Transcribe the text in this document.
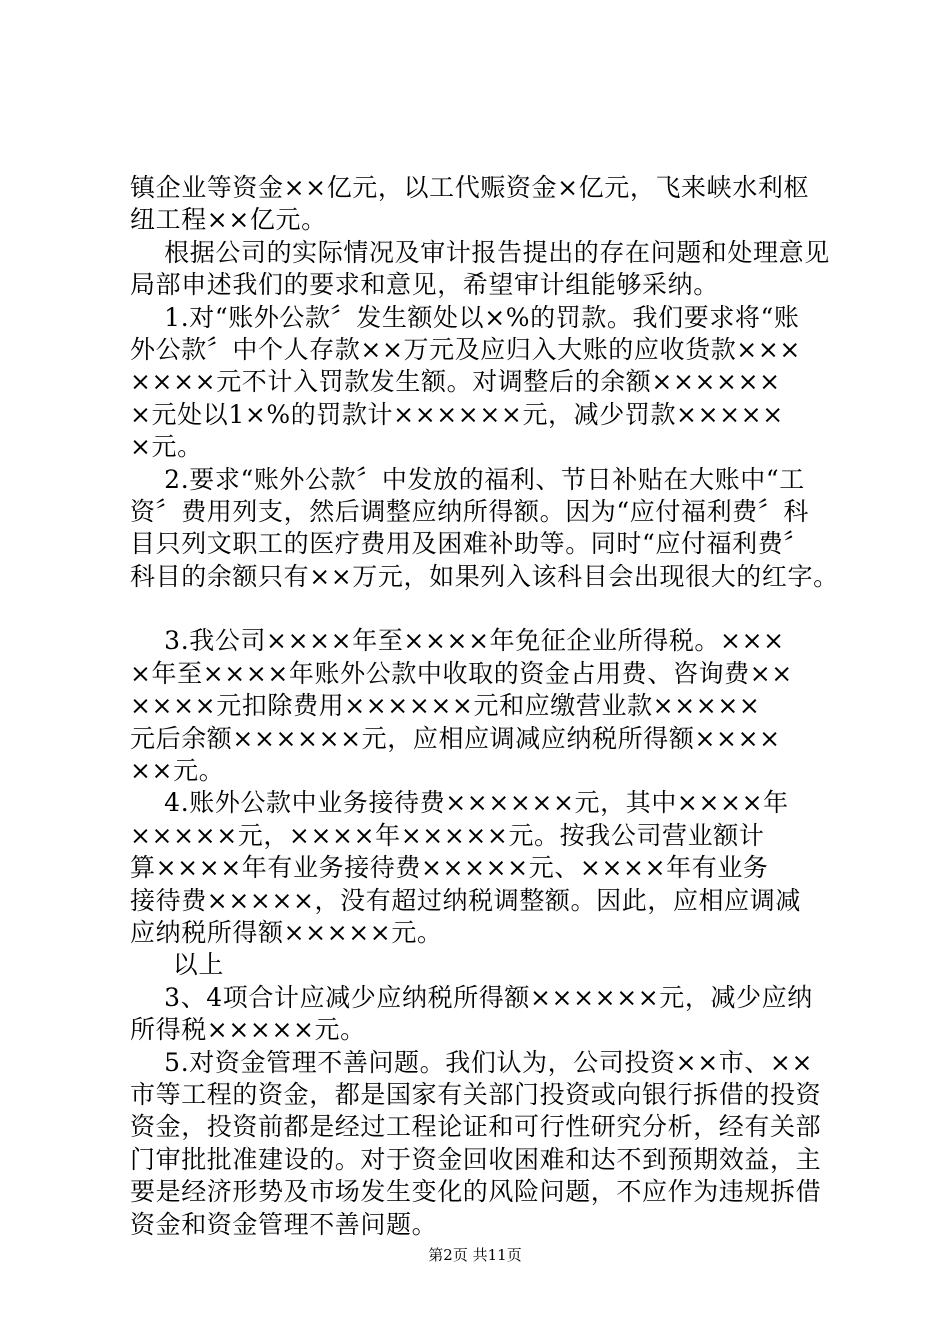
镇企业等资金××亿元，以工代赈资金×亿元，飞来峡水利枢
纽工程××亿元。
根据公司的实际情况及审计报告提出的存在问题和处理意见
局部申述我们的要求和意见，希望审计组能够采纳。
1.对“账外公款〞发生额处以×%的罚款。我们要求将“账
外公款〞中个人存款××万元及应归入大账的应收货款×××
××××元不计入罚款发生额。对调整后的余额××××××
×元处以1×%的罚款计××××××元，减少罚款×××××
×元。
2.要求“账外公款〞中发放的福利、节日补贴在大账中“工
资〞费用列支，然后调整应纳所得额。因为“应付福利费〞科
目只列文职工的医疗费用及困难补助等。同时“应付福利费〞
科目的余额只有××万元，如果列入该科目会出现很大的红字。
3.我公司××××年至××××年免征企业所得税。×××
×年至××××年账外公款中收取的资金占用费、咨询费××
××××元扣除费用××××××元和应缴营业款×××××
元后余额××××××元，应相应调减应纳税所得额××××
××元。
4.账外公款中业务接待费××××××元，其中××××年
×××××元，××××年×××××元。按我公司营业额计
算××××年有业务接待费×××××元、××××年有业务
接待费×××××，没有超过纳税调整额。因此，应相应调减
应纳税所得额×××××元。
以上
3、4项合计应减少应纳税所得额××××××元，减少应纳
所得税×××××元。
5.对资金管理不善问题。我们认为，公司投资××市、××
市等工程的资金，都是国家有关部门投资或向银行拆借的投资
资金，投资前都是经过工程论证和可行性研究分析，经有关部
门审批批准建设的。对于资金回收困难和达不到预期效益，主
要是经济形势及市场发生变化的风险问题，不应作为违规拆借
资金和资金管理不善问题。
第2页 共11页
